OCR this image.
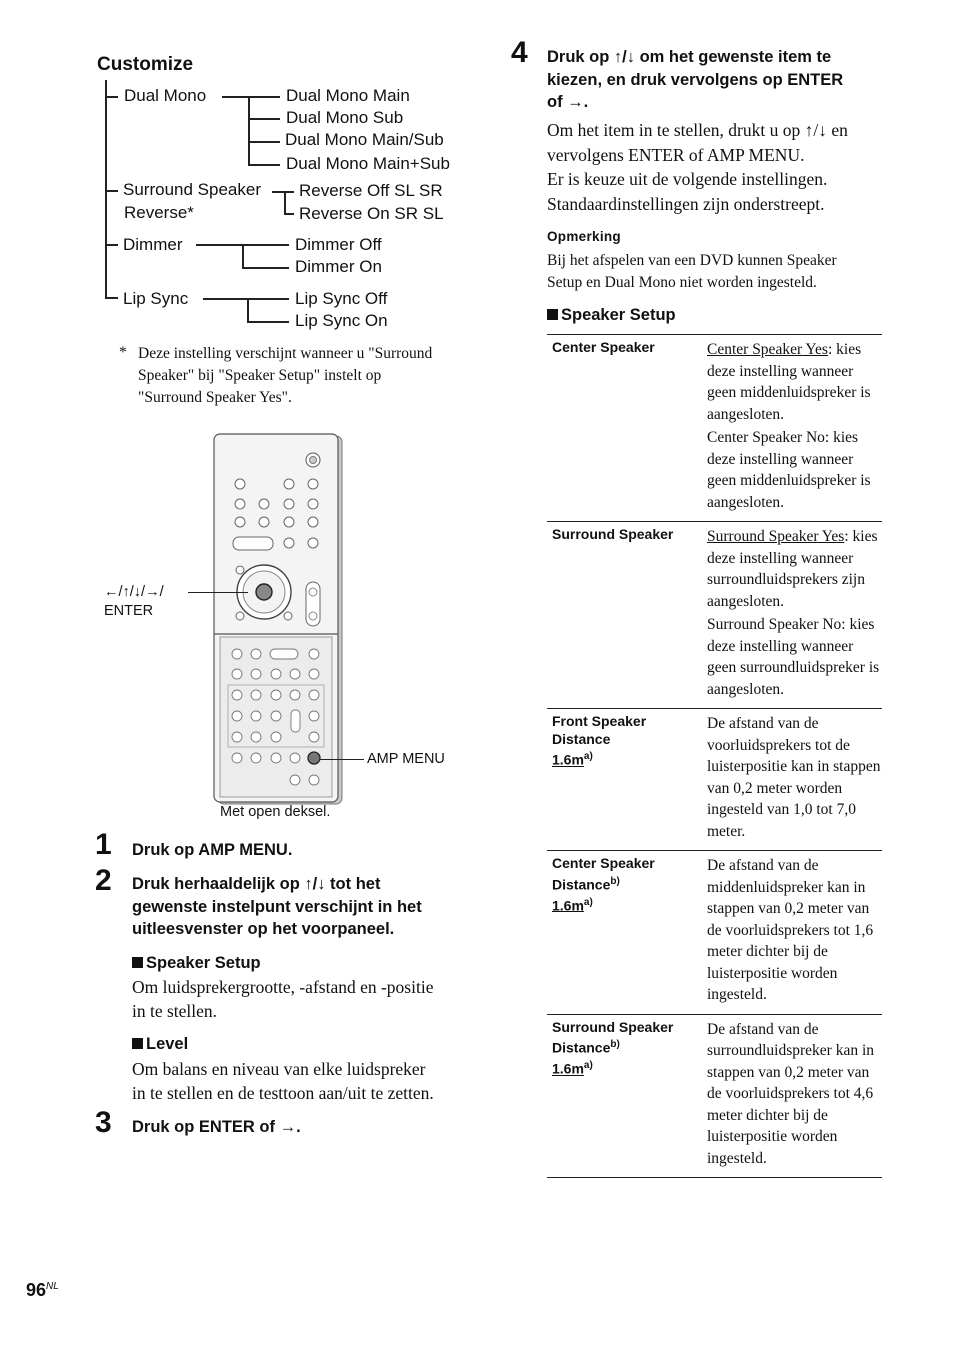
Customize
Dual Mono	Dual Mono Main
Dual Mono Sub
Dual Mono Main/Sub
Dual Mono Main+Sub
Surround Speaker
Reverse*
Reverse Off SL SR
Reverse On SR SL
Dimmer	Dimmer Off
Dimmer On
Lip Sync	Lip Sync Off
Lip Sync On
* Deze instelling verschijnt wanneer u "Surround
Speaker" bij "Speaker Setup" instelt op
"Surround Speaker Yes".
←/↑/↓/→/
ENTER
AMP MENU
Met open deksel.
1 Druk op AMP MENU.
2 Druk herhaaldelijk op ↑/↓ tot het
gewenste instelpunt verschijnt in het
uitleesvenster op het voorpaneel.
Speaker Setup
Om luidsprekergrootte, -afstand en -positie
in te stellen.
Level
Om balans en niveau van elke luidspreker
in te stellen en de testtoon aan/uit te zetten.
3 Druk op ENTER of →.
4 Druk op ↑/↓ om het gewenste item te
kiezen, en druk vervolgens op ENTER
of →.
Om het item in te stellen, drukt u op ↑/↓ en
vervolgens ENTER of AMP MENU.
Er is keuze uit de volgende instellingen.
Standaardinstellingen zijn onderstreept.
Opmerking
Bij het afspelen van een DVD kunnen Speaker
Setup en Dual Mono niet worden ingesteld.
Speaker Setup
Center Speaker	Center Speaker Yes: kies deze instelling wanneer geen middenluidspreker is aangesloten.

Center Speaker No: kies deze instelling wanneer geen middenluidspreker is aangesloten.

Surround Speaker	Surround Speaker Yes: kies deze instelling wanneer surroundluidsprekers zijn aangesloten.

Surround Speaker No: kies deze instelling wanneer geen surroundluidspreker is aangesloten.

Front Speaker
Distance
$1.6m^{a)}$	De afstand van de voorluidsprekers tot de luisterpositie kan in stappen van 0,2 meter worden ingesteld van 1,0 tot 7,0 meter.

Center Speaker
Distance$^{b)}$
$1.6m^{a)}$	De afstand van de middenluidspreker kan in stappen van 0,2 meter van de voorluidsprekers tot 1,6 meter dichter bij de luisterpositie worden ingesteld.

Surround Speaker
Distance$^{b)}$
$1.6m^{a)}$	De afstand van de surroundluidspreker kan in stappen van 0,2 meter van de voorluidsprekers tot 4,6 meter dichter bij de luisterpositie worden ingesteld.

$96^{NL}$
